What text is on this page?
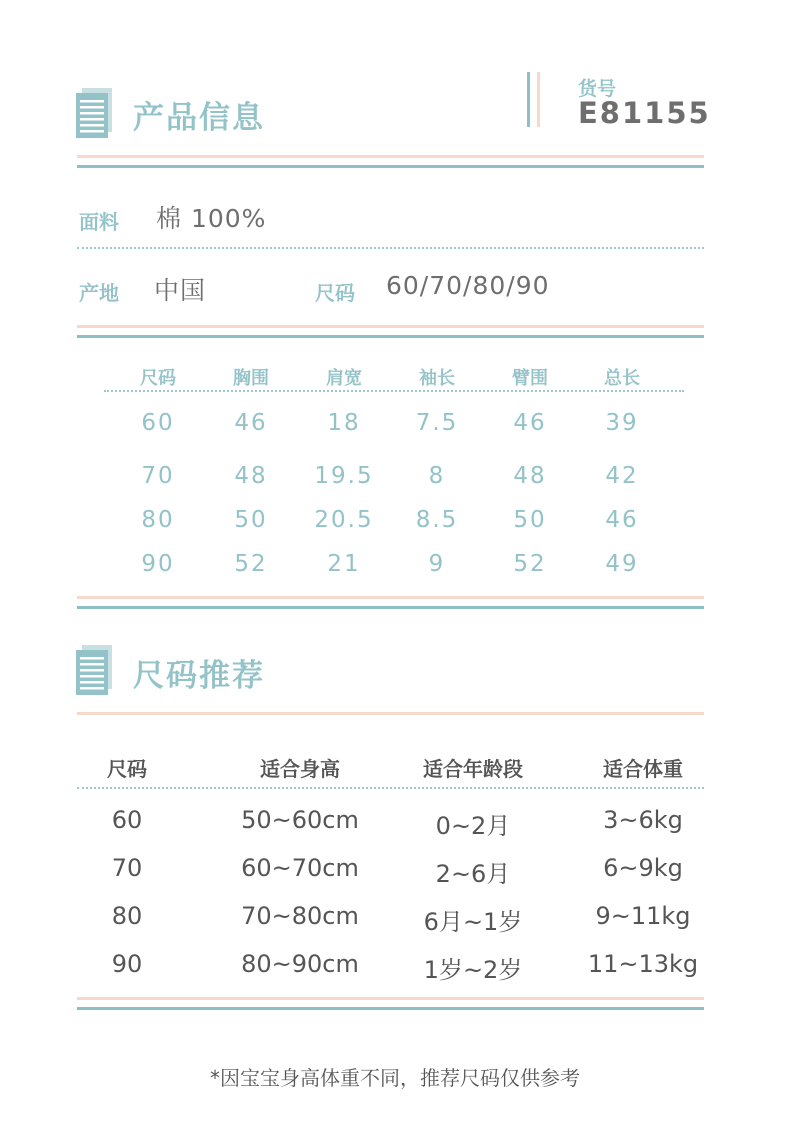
产品信息
货号
E81155
面料 棉 100%
产地 中国	尺码 60/70/80/90
尺码	胸围	肩宽	袖长	臂围	总长
60	46	18	7.5	46	39
70	48	19.5	8	48	42
80	50	20.5	8.5	50	46
90	52	21	9	52	49
尺码推荐
尺码	适合身高	适合年龄段	适合体重
60	50~60cm	0~2月	3~6kg
70	60~70cm	2~6月	6~9kg
80	70~80cm	6月~1岁	9~11kg
90	80~90cm	1岁~2岁	11~13kg
*因宝宝身高体重不同，推荐尺码仅供参考
